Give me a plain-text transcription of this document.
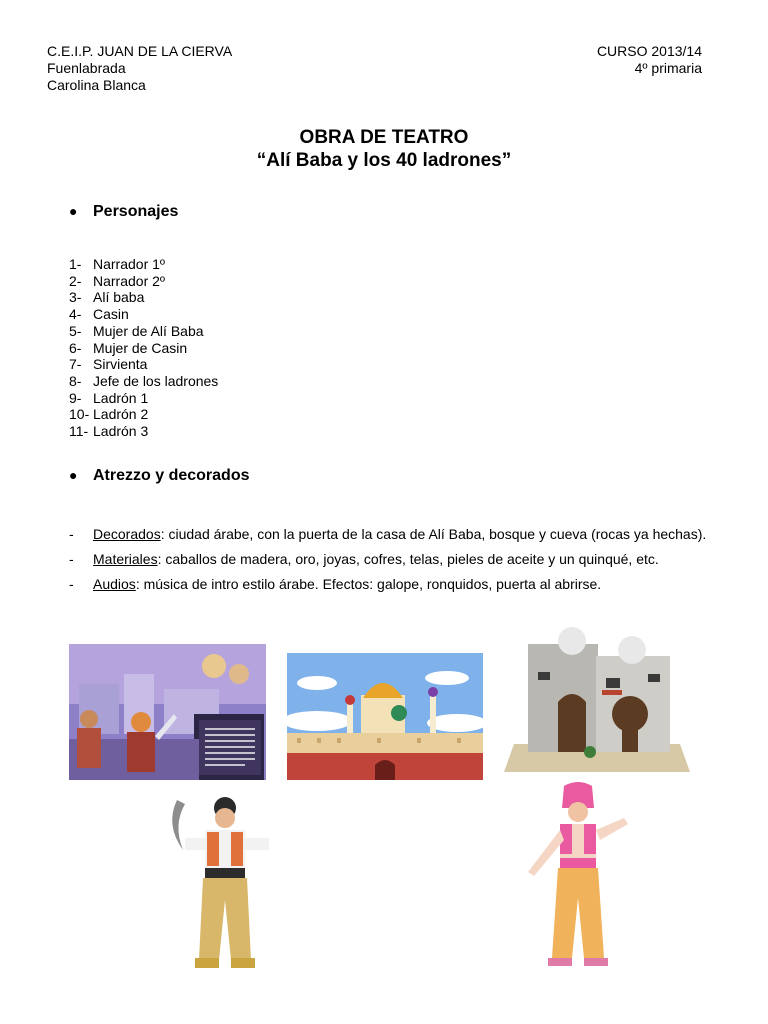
C.E.I.P. JUAN DE LA CIERVA
Fuenlabrada
Carolina Blanca
CURSO 2013/14
4º primaria
OBRA DE TEATRO
“Alí Baba y los 40 ladrones”
● Personajes
1- Narrador 1º
2- Narrador 2º
3- Alí baba
4- Casin
5- Mujer de Alí Baba
6- Mujer de Casin
7- Sirvienta
8- Jefe de los ladrones
9- Ladrón 1
10- Ladrón 2
11- Ladrón 3
● Atrezzo y decorados
-	Decorados: ciudad árabe, con la puerta de la casa de Alí Baba, bosque y cueva (rocas ya hechas).
-	Materiales: caballos de madera, oro, joyas, cofres, telas, pieles de aceite y un quinqué, etc.
-	Audios: música de intro estilo árabe. Efectos: galope, ronquidos, puerta al abrirse.
